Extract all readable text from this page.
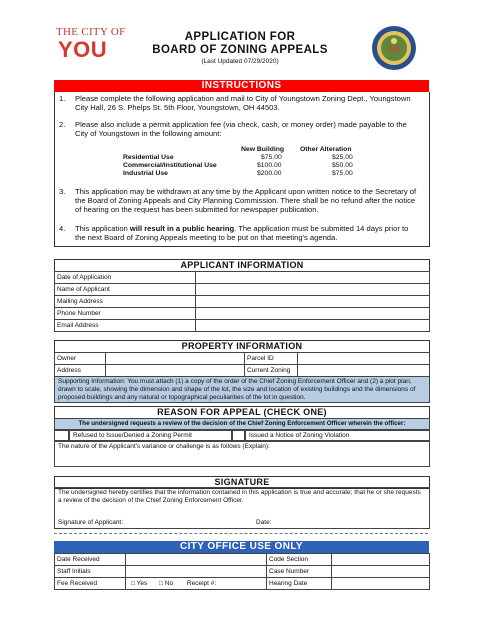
THE CITY OF
YOU	APPLICATION FOR
BOARD OF ZONING APPEALS
(Last Updated 07/29/2020)
INSTRUCTIONS
1. Please complete the following application and mail to City of Youngstown Zoning Dept., Youngstown City Hall, 26 S. Phelps St. 5th Floor, Youngstown, OH 44503.
2. Please also include a permit application fee (via check, cash, or money order) made payable to the City of Youngstown in the following amount:
New Building Other Alteration
Residential Use	$75.00	$25.00
Commercial/Institutional Use	$100.00	$50.00
Industrial Use	$200.00	$75.00
3. This application may be withdrawn at any time by the Applicant upon written notice to the Secretary of the Board of Zoning Appeals and City Planning Commission. There shall be no refund after the notice of hearing on the request has been submitted for newspaper publication.
4. This application will result in a public hearing. The application must be submitted 14 days prior to the next Board of Zoning Appeals meeting to be put on that meeting's agenda.
APPLICANT INFORMATION
Date of Application	
Name of Applicant	
Mailing Address	
Phone Number	
Email Address	
PROPERTY INFORMATION
Owner		Parcel ID	
Address		Current Zoning	
Supporting Information: You must attach (1) a copy of the order of the Chief Zoning Enforcement Officer and (2) a plot plan, drawn to scale, showing the dimension and shape of the lot, the size and location of existing buildings and the dimensions of proposed buildings and any natural or topographical peculiarities of the lot in question.
REASON FOR APPEAL (CHECK ONE)
The undersigned requests a review of the decision of the Chief Zoning Enforcement Officer wherein the officer:
Refused to Issue/Denied a Zoning Permit	Issued a Notice of Zoning Violation
The nature of the Applicant's variance or challenge is as follows (Explain):
SIGNATURE
The undersigned hereby certifies that the information contained in this application is true and accurate; that he or she requests a review of the decision of the Chief Zoning Enforcement Officer.
Signature of Applicant:	Date:
CITY OFFICE USE ONLY
Date Received		Code Section	
Staff Initials		Case Number	
Fee Received	□ Yes □ No Receipt #:	Hearing Date	
